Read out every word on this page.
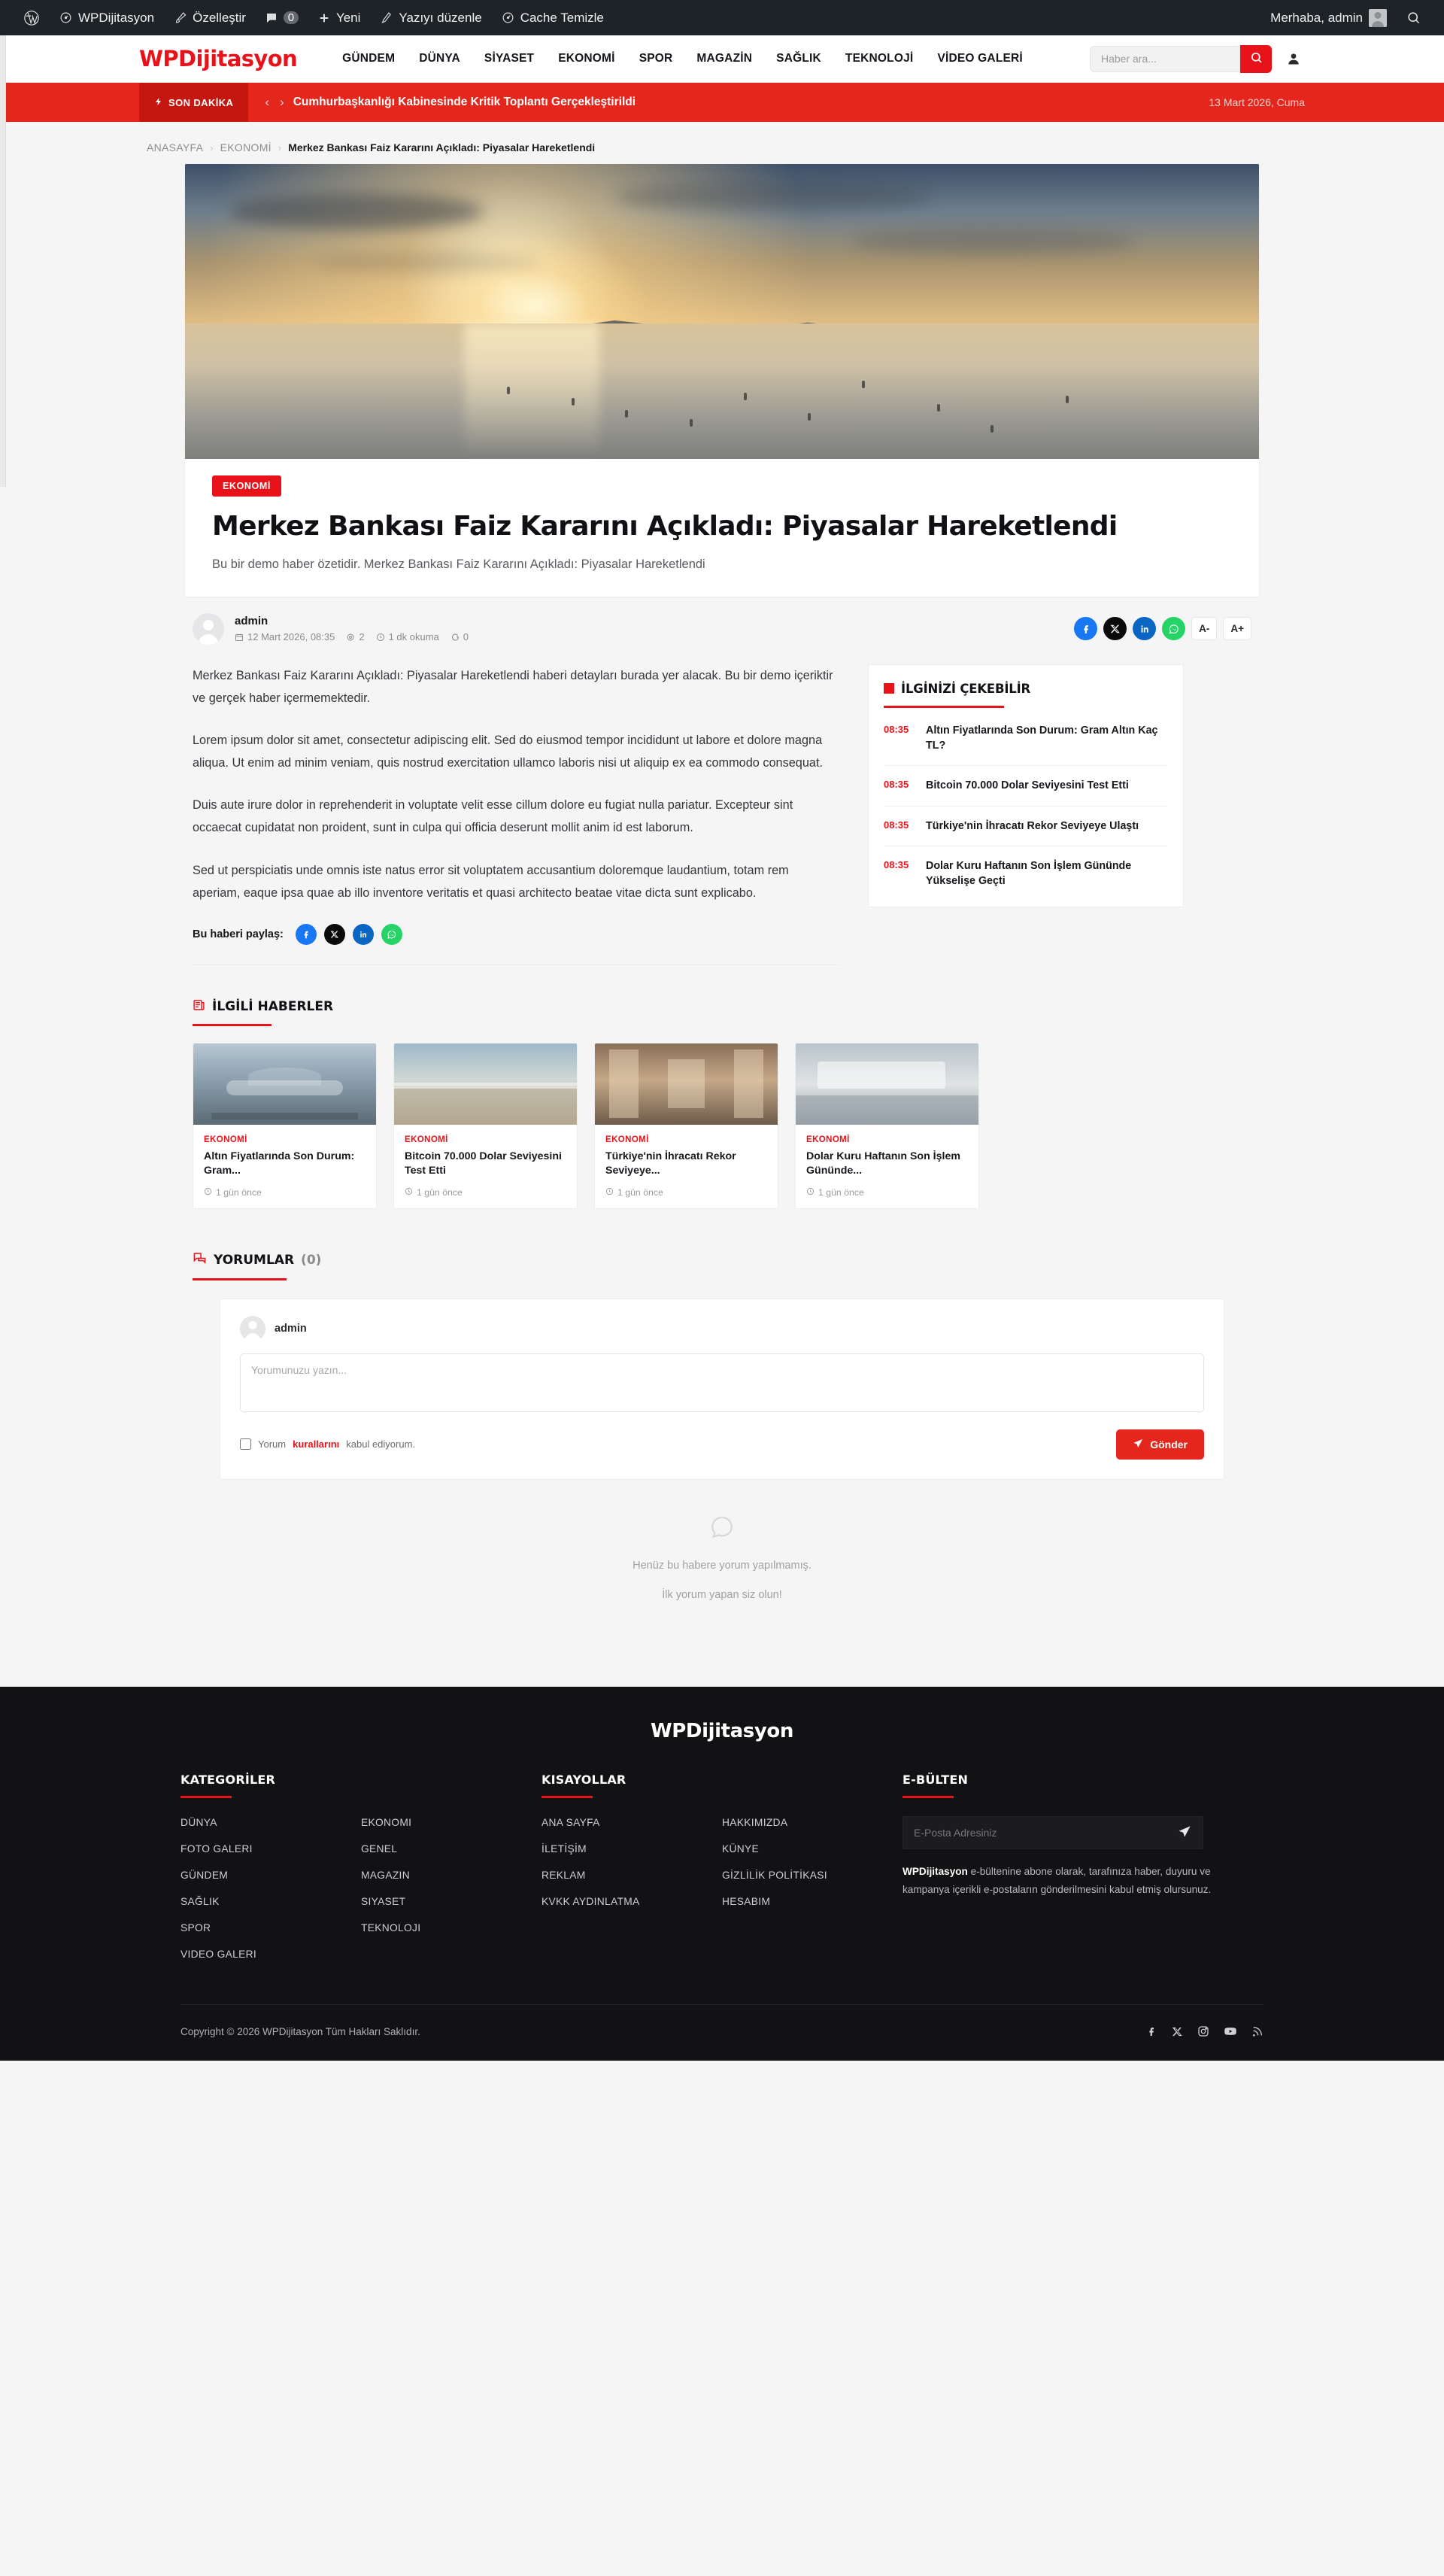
WPDijitasyon	Özelleştir	0	Yeni	Yazıyı düzenle	Cache Temizle	Merhaba, admin
WPDijitasyon	GÜNDEM	DÜNYA	SİYASET	EKONOMİ	SPOR	MAGAZİN	SAĞLIK	TEKNOLOJİ	VİDEO GALERİ
Haber ara...
SON DAKİKA	‹ › Cumhurbaşkanlığı Kabinesinde Kritik Toplantı Gerçekleştirildi	13 Mart 2026, Cuma
ANASAYFA › EKONOMİ › Merkez Bankası Faiz Kararını Açıkladı: Piyasalar Hareketlendi
EKONOMİ
Merkez Bankası Faiz Kararını Açıkladı: Piyasalar Hareketlendi

Bu bir demo haber özetidir. Merkez Bankası Faiz Kararını Açıkladı: Piyasalar Hareketlendi

admin
12 Mart 2026, 08:35 2 1 dk okuma 0
A-	A+

Merkez Bankası Faiz Kararını Açıkladı: Piyasalar Hareketlendi haberi detayları burada yer alacak. Bu bir demo içeriktir ve gerçek haber içermemektedir.

Lorem ipsum dolor sit amet, consectetur adipiscing elit. Sed do eiusmod tempor incididunt ut labore et dolore magna aliqua. Ut enim ad minim veniam, quis nostrud exercitation ullamco laboris nisi ut aliquip ex ea commodo consequat.

Duis aute irure dolor in reprehenderit in voluptate velit esse cillum dolore eu fugiat nulla pariatur. Excepteur sint occaecat cupidatat non proident, sunt in culpa qui officia deserunt mollit anim id est laborum.

Sed ut perspiciatis unde omnis iste natus error sit voluptatem accusantium doloremque laudantium, totam rem aperiam, eaque ipsa quae ab illo inventore veritatis et quasi architecto beatae vitae dicta sunt explicabo.

Bu haberi paylaş:
İLGİNİZİ ÇEKEBİLİR
08:35	Altın Fiyatlarında Son Durum: Gram Altın Kaç TL?
08:35	Bitcoin 70.000 Dolar Seviyesini Test Etti
08:35	Türkiye'nin İhracatı Rekor Seviyeye Ulaştı
08:35	Dolar Kuru Haftanın Son İşlem Gününde Yükselişe Geçti
İLGİLİ HABERLER
EKONOMİ
Altın Fiyatlarında Son Durum: Gram...
1 gün önce
EKONOMİ
Bitcoin 70.000 Dolar Seviyesini Test Etti
1 gün önce
EKONOMİ
Türkiye'nin İhracatı Rekor Seviyeye...
1 gün önce
EKONOMİ
Dolar Kuru Haftanın Son İşlem Gününde...
1 gün önce
YORUMLAR (0)
admin
Yorumunuzu yazın...
Yorum kurallarını kabul ediyorum.	Gönder

Henüz bu habere yorum yapılmamış.

İlk yorum yapan siz olun!

WPDijitasyon
KATEGORİLER
DÜNYA
FOTO GALERI
GÜNDEM
SAĞLIK
SPOR
VIDEO GALERI
EKONOMI
GENEL
MAGAZIN
SIYASET
TEKNOLOJI
KISAYOLLAR
ANA SAYFA
İLETİŞİM
REKLAM
KVKK AYDINLATMA
HAKKIMIZDA
KÜNYE
GİZLİLİK POLİTİKASI
HESABIM
E-BÜLTEN
E-Posta Adresiniz
WPDijitasyon e-bültenine abone olarak, tarafınıza haber, duyuru ve kampanya içerikli e-postaların gönderilmesini kabul etmiş olursunuz.
Copyright © 2026 WPDijitasyon Tüm Hakları Saklıdır.
